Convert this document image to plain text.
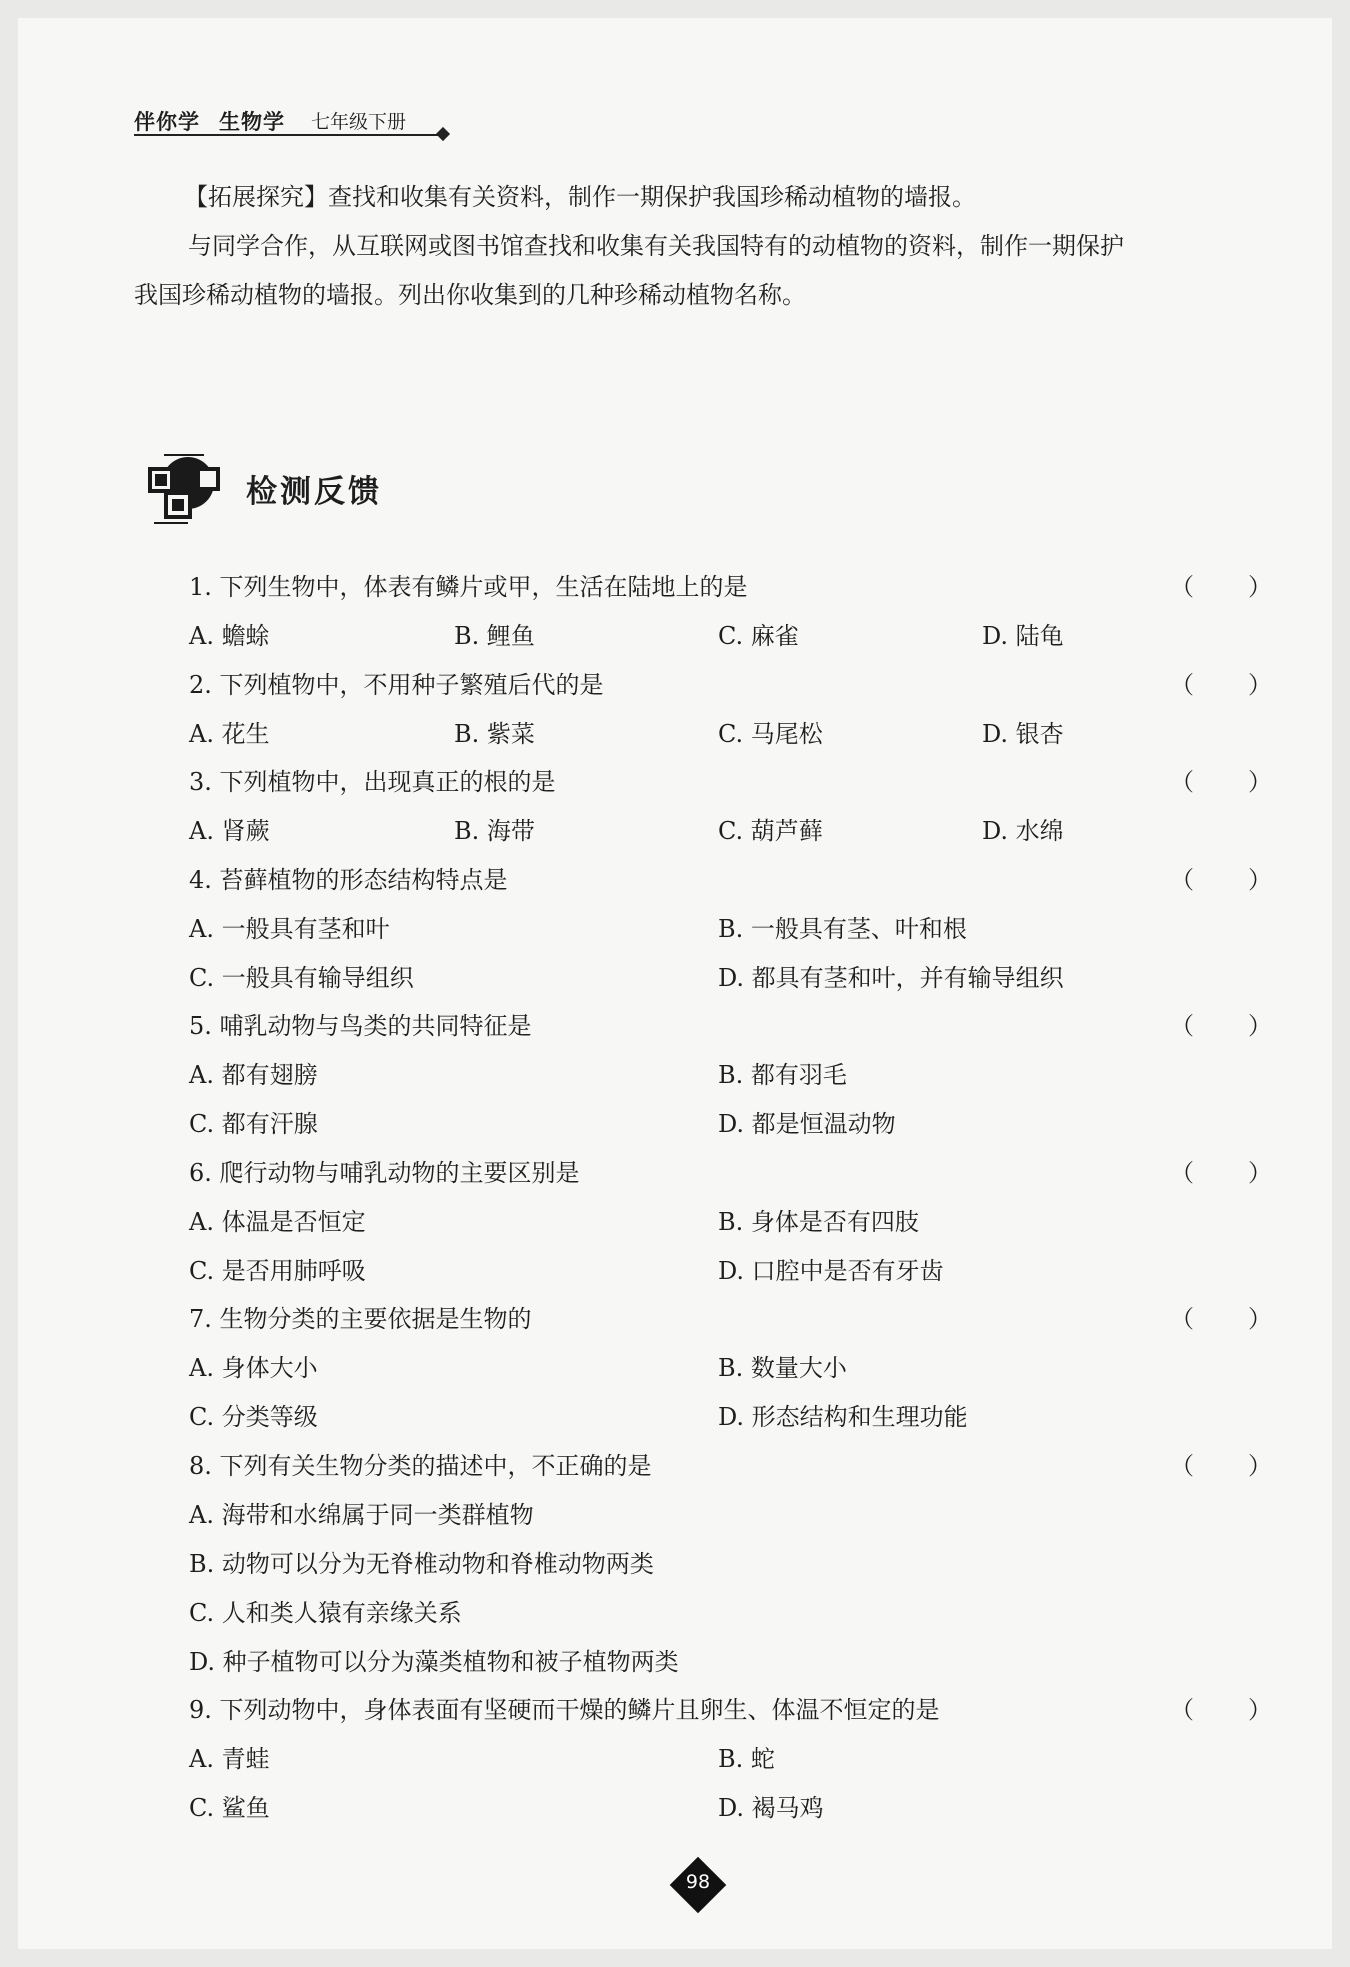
伴你学 生物学 七年级下册
【拓展探究】查找和收集有关资料，制作一期保护我国珍稀动植物的墙报。
与同学合作，从互联网或图书馆查找和收集有关我国特有的动植物的资料，制作一期保护
我国珍稀动植物的墙报。列出你收集到的几种珍稀动植物名称。
检测反馈
1. 下列生物中，体表有鳞片或甲，生活在陆地上的是	（　　）
A. 蟾蜍	B. 鲤鱼	C. 麻雀	D. 陆龟
2. 下列植物中，不用种子繁殖后代的是	（　　）
A. 花生	B. 紫菜	C. 马尾松	D. 银杏
3. 下列植物中，出现真正的根的是	（　　）
A. 肾蕨	B. 海带	C. 葫芦藓	D. 水绵
4. 苔藓植物的形态结构特点是	（　　）
A. 一般具有茎和叶	B. 一般具有茎、叶和根
C. 一般具有输导组织	D. 都具有茎和叶，并有输导组织
5. 哺乳动物与鸟类的共同特征是	（　　）
A. 都有翅膀	B. 都有羽毛
C. 都有汗腺	D. 都是恒温动物
6. 爬行动物与哺乳动物的主要区别是	（　　）
A. 体温是否恒定	B. 身体是否有四肢
C. 是否用肺呼吸	D. 口腔中是否有牙齿
7. 生物分类的主要依据是生物的	（　　）
A. 身体大小	B. 数量大小
C. 分类等级	D. 形态结构和生理功能
8. 下列有关生物分类的描述中，不正确的是	（　　）
A. 海带和水绵属于同一类群植物
B. 动物可以分为无脊椎动物和脊椎动物两类
C. 人和类人猿有亲缘关系
D. 种子植物可以分为藻类植物和被子植物两类
9. 下列动物中，身体表面有坚硬而干燥的鳞片且卵生、体温不恒定的是	（　　）
A. 青蛙	B. 蛇
C. 鲨鱼	D. 褐马鸡
98
